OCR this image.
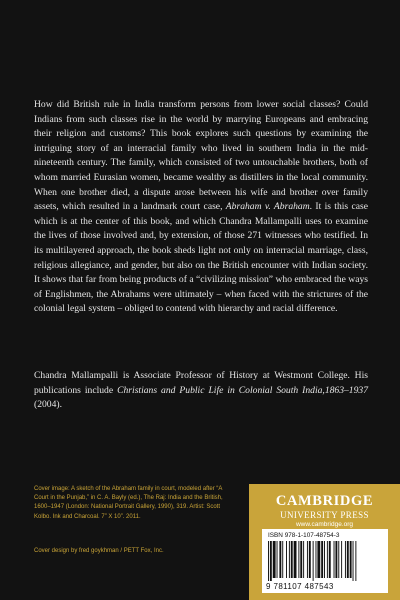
How did British rule in India transform persons from lower social classes? Could Indians from such classes rise in the world by marrying Europeans and embracing their religion and customs? This book explores such questions by examining the intriguing story of an interracial family who lived in southern India in the mid-nineteenth century. The family, which consisted of two untouchable brothers, both of whom married Eurasian women, became wealthy as distillers in the local community. When one brother died, a dispute arose between his wife and brother over family assets, which resulted in a landmark court case, Abraham v. Abraham. It is this case which is at the center of this book, and which Chandra Mallampalli uses to examine the lives of those involved and, by extension, of those 271 witnesses who testified. In its multilayered approach, the book sheds light not only on interracial marriage, class, religious allegiance, and gender, but also on the British encounter with Indian society. It shows that far from being products of a “civilizing mission” who embraced the ways of Englishmen, the Abrahams were ultimately – when faced with the strictures of the colonial legal system – obliged to contend with hierarchy and racial difference.

Chandra Mallampalli is Associate Professor of History at Westmont College. His publications include Christians and Public Life in Colonial South India,1863–1937 (2004).

Cover image: A sketch of the Abraham family in court, modeled after “A Court in the Punjab,” in C. A. Bayly (ed.), The Raj: India and the British, 1600–1947 (London: National Portrait Gallery, 1990), 319. Artist: Scott Kolbo. Ink and Charcoal. 7” X 10”. 2011.

Cover design by fred goykhman / PETT Fox, Inc.

CAMBRIDGE
UNIVERSITY PRESS
www.cambridge.org
ISBN 978-1-107-48754-3
9 781107 487543
